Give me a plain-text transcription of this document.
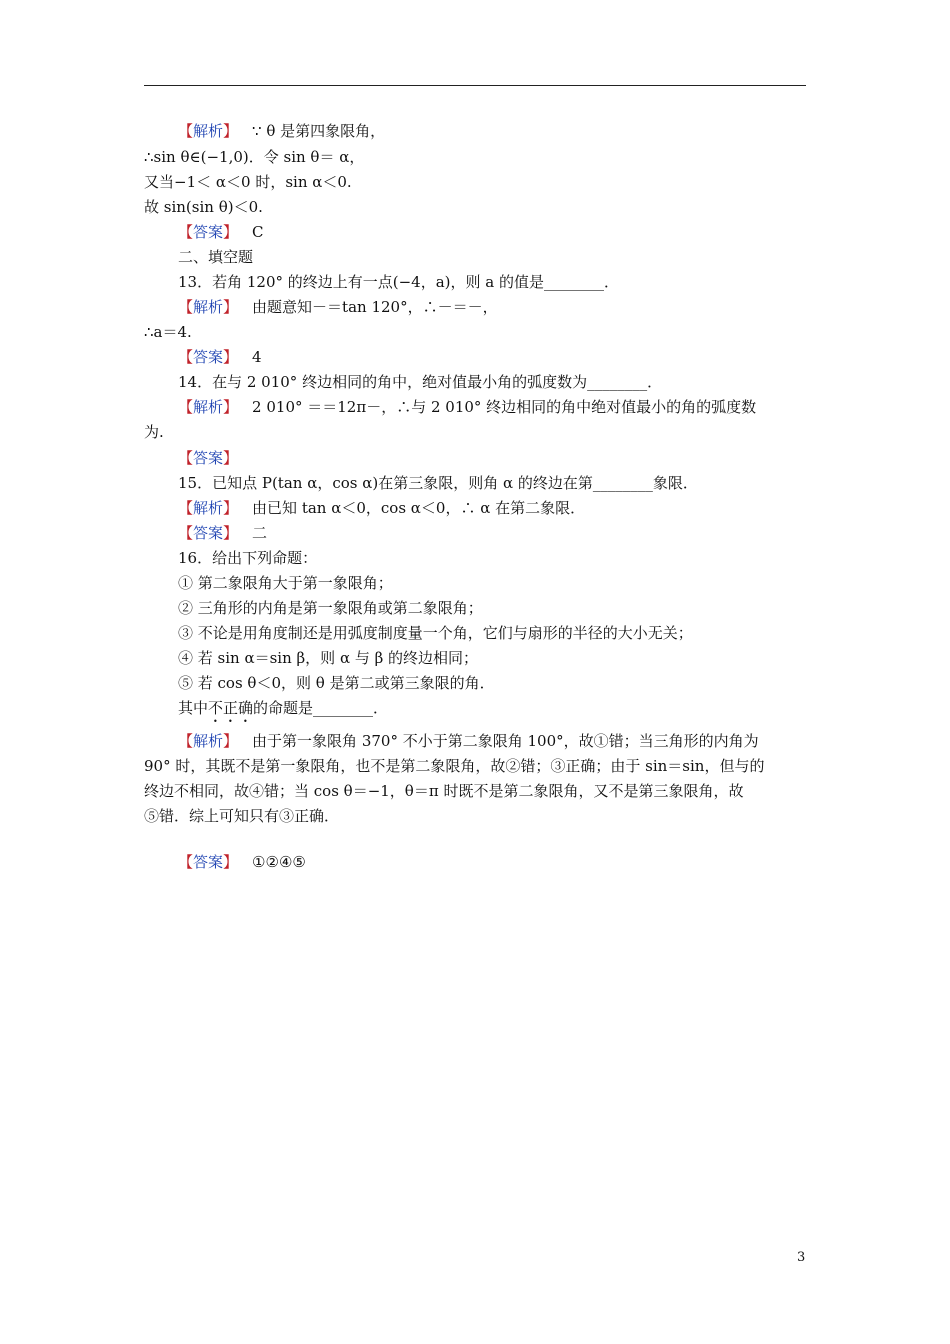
【解析】 ∵ θ 是第四象限角，
∴sin θ∈(−1,0)．令 sin θ＝ α，
又当−1＜ α＜0 时，sin α＜0.
故 sin(sin θ)＜0.
【答案】 C
二、填空题
13．若角 120° 的终边上有一点(−4，a)，则 a 的值是________．
【解析】 由题意知－＝tan 120°，∴－＝－，
∴a＝4.
【答案】 4
14．在与 2 010° 终边相同的角中，绝对值最小角的弧度数为________．
【解析】 2 010° ＝＝12π－，∴与 2 010° 终边相同的角中绝对值最小的角的弧度数
为.
【答案】
15．已知点 P(tan α，cos α)在第三象限，则角 α 的终边在第________象限．
【解析】 由已知 tan α＜0，cos α＜0，∴ α 在第二象限．
【答案】 二
16．给出下列命题：
① 第二象限角大于第一象限角；
② 三角形的内角是第一象限角或第二象限角；
③ 不论是用角度制还是用弧度制度量一个角，它们与扇形的半径的大小无关；
④ 若 sin α＝sin β，则 α 与 β 的终边相同；
⑤ 若 cos θ＜0，则 θ 是第二或第三象限的角．
其中不正确的命题是________．
【解析】 由于第一象限角 370° 不小于第二象限角 100°，故①错；当三角形的内角为
90° 时，其既不是第一象限角，也不是第二象限角，故②错；③正确；由于 sin＝sin，但与的
终边不相同，故④错；当 cos θ＝−1，θ＝π 时既不是第二象限角，又不是第三象限角，故
⑤错．综上可知只有③正确．
【答案】 ①②④⑤
3
